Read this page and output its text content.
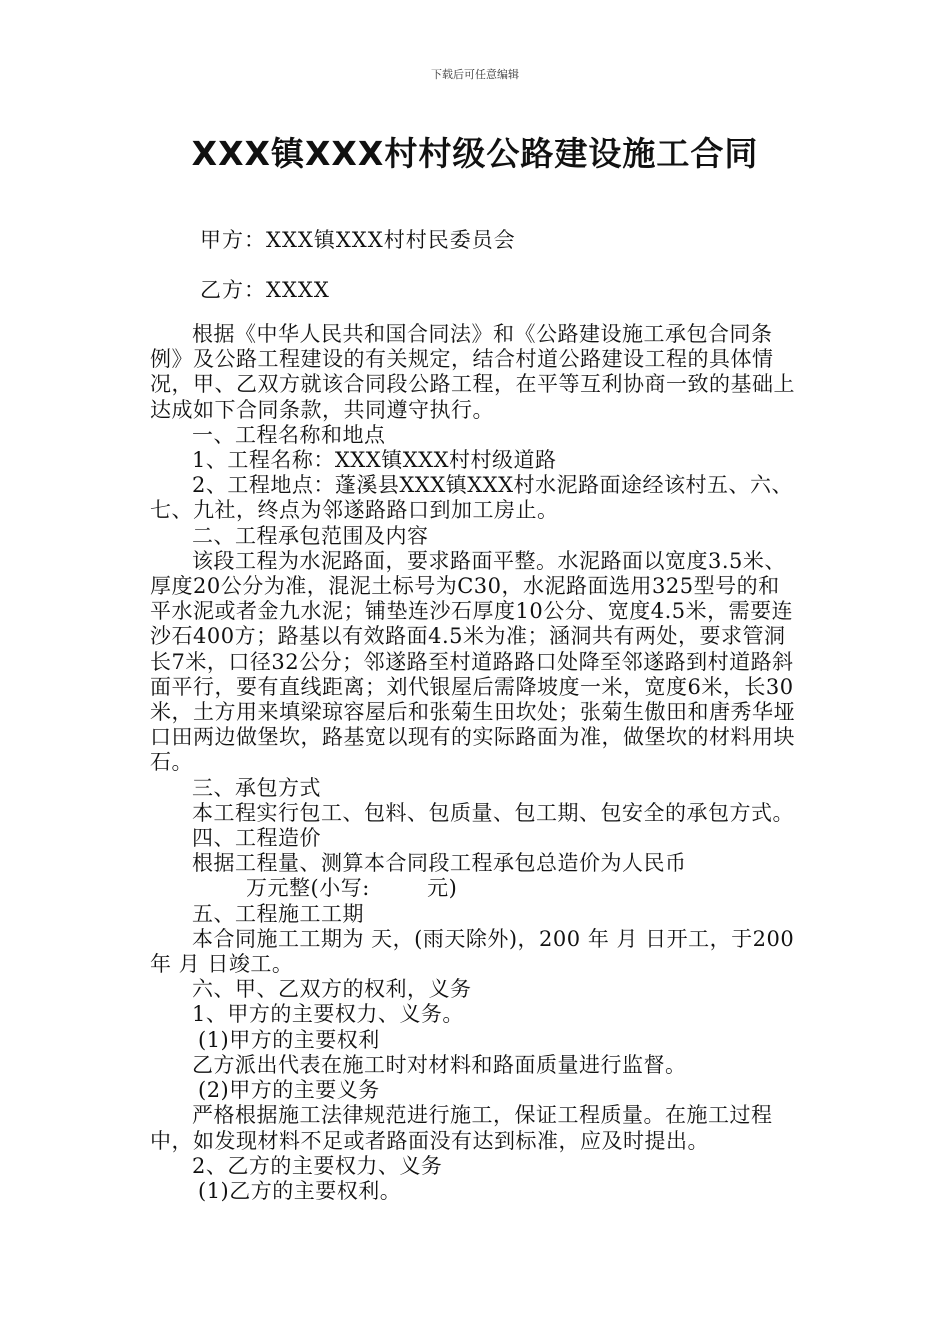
下载后可任意编辑
XXX镇XXX村村级公路建设施工合同
甲方：XXX镇XXX村村民委员会
乙方：XXXX

根据《中华人民共和国合同法》和《公路建设施工承包合同条例》及公路工程建设的有关规定，结合村道公路建设工程的具体情况，甲、乙双方就该合同段公路工程，在平等互利协商一致的基础上达成如下合同条款，共同遵守执行。

一、工程名称和地点

1、工程名称：XXX镇XXX村村级道路

2、工程地点：蓬溪县XXX镇XXX村水泥路面途经该村五、六、七、九社，终点为邻遂路路口到加工房止。

二、工程承包范围及内容

该段工程为水泥路面，要求路面平整。水泥路面以宽度3.5米、厚度20公分为准，混泥土标号为C30，水泥路面选用325型号的和平水泥或者金九水泥；铺垫连沙石厚度10公分、宽度4.5米，需要连沙石400方；路基以有效路面4.5米为准；涵洞共有两处，要求管洞长7米，口径32公分；邻遂路至村道路路口处降至邻遂路到村道路斜面平行，要有直线距离；刘代银屋后需降坡度一米，宽度6米，长30米，土方用来填梁琼容屋后和张菊生田坎处；张菊生傲田和唐秀华垭口田两边做堡坎，路基宽以现有的实际路面为准，做堡坎的材料用块石。

三、承包方式

本工程实行包工、包料、包质量、包工期、包安全的承包方式。

四、工程造价

根据工程量、测算本合同段工程承包总造价为人民币

万元整(小写:        元)

五、工程施工工期

本合同施工工期为 天，(雨天除外)，200 年 月 日开工，于200 年 月 日竣工。

六、甲、乙双方的权利，义务

1、甲方的主要权力、义务。

(1)甲方的主要权利

乙方派出代表在施工时对材料和路面质量进行监督。

(2)甲方的主要义务

严格根据施工法律规范进行施工，保证工程质量。在施工过程中，如发现材料不足或者路面没有达到标准，应及时提出。

2、乙方的主要权力、义务

(1)乙方的主要权利。
